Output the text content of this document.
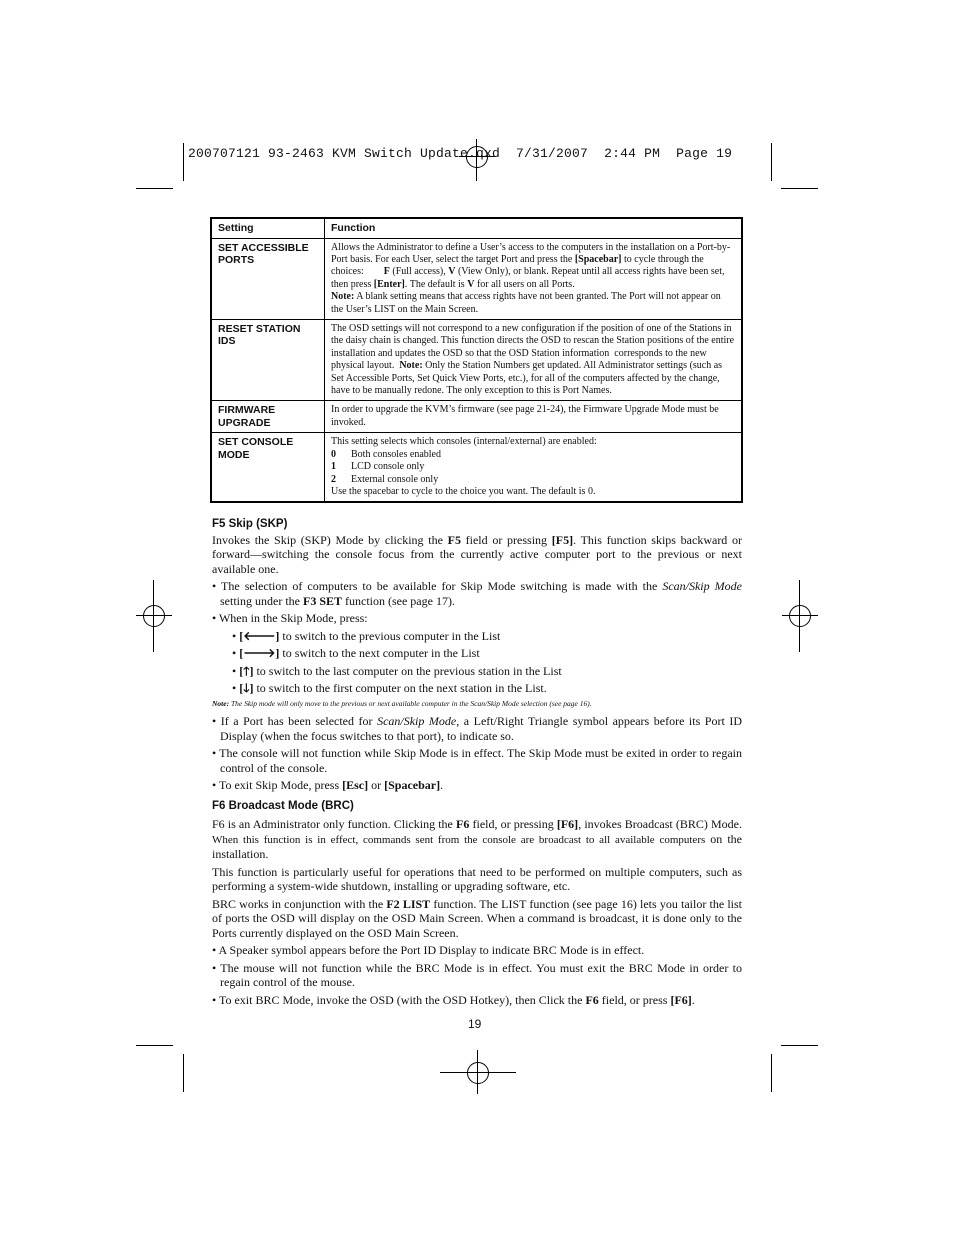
200707121 93-2463 KVM Switch Update.qxd  7/31/2007  2:44 PM  Page 19
Setting	Function
SET ACCESSIBLE PORTS	Allows the Administrator to define a User’s access to the computers in the installation on a Port-by-Port basis. For each User, select the target Port and press the [Spacebar] to cycle through the choices:        F (Full access), V (View Only), or blank. Repeat until all access rights have been set, then press [Enter]. The default is V for all users on all Ports.
Note: A blank setting means that access rights have not been granted. The Port will not appear on the User’s LIST on the Main Screen.
RESET STATION IDS	The OSD settings will not correspond to a new configuration if the position of one of the Stations in the daisy chain is changed. This function directs the OSD to rescan the Station positions of the entire installation and updates the OSD so that the OSD Station information  corresponds to the new physical layout.  Note: Only the Station Numbers get updated. All Administrator settings (such as Set Accessible Ports, Set Quick View Ports, etc.), for all of the computers affected by the change, have to be manually redone. The only exception to this is Port Names.
FIRMWARE UPGRADE	In order to upgrade the KVM’s firmware (see page 21-24), the Firmware Upgrade Mode must be invoked.
SET CONSOLE MODE	This setting selects which consoles (internal/external) are enabled:
0 Both consoles enabled
1 LCD console only
2 External console only
Use the spacebar to cycle to the choice you want. The default is 0.
F5 Skip (SKP)

Invokes the Skip (SKP) Mode by clicking the F5 field or pressing [F5]. This function skips backward or forward—switching the console focus from the currently active computer port to the previous or next available one.

• The selection of computers to be available for Skip Mode switching is made with the Scan/Skip Mode setting under the F3 SET function (see page 17).

• When in the Skip Mode, press:

• [🡐] to switch to the previous computer in the List

• [🡒] to switch to the next computer in the List

• [🡑] to switch to the last computer on the previous station in the List

• [🡓] to switch to the first computer on the next station in the List.

Note: The Skip mode will only move to the previous or next available computer in the Scan/Skip Mode selection (see page 16).

• If a Port has been selected for Scan/Skip Mode, a Left/Right Triangle symbol appears before its Port ID Display (when the focus switches to that port), to indicate so.

• The console will not function while Skip Mode is in effect. The Skip Mode must be exited in order to regain control of the console.

• To exit Skip Mode, press [Esc] or [Spacebar].

F6 Broadcast Mode (BRC)

F6 is an Administrator only function. Clicking the F6 field, or pressing [F6], invokes Broadcast (BRC) Mode. When this function is in effect, commands sent from the console are broadcast to all available computers on the installation.

This function is particularly useful for operations that need to be performed on multiple computers, such as performing a system-wide shutdown, installing or upgrading software, etc.

BRC works in conjunction with the F2 LIST function. The LIST function (see page 16) lets you tailor the list of ports the OSD will display on the OSD Main Screen. When a command is broadcast, it is done only to the Ports currently displayed on the OSD Main Screen.

• A Speaker symbol appears before the Port ID Display to indicate BRC Mode is in effect.

• The mouse will not function while the BRC Mode is in effect. You must exit the BRC Mode in order to regain control of the mouse.

• To exit BRC Mode, invoke the OSD (with the OSD Hotkey), then Click the F6 field, or press [F6].

19
